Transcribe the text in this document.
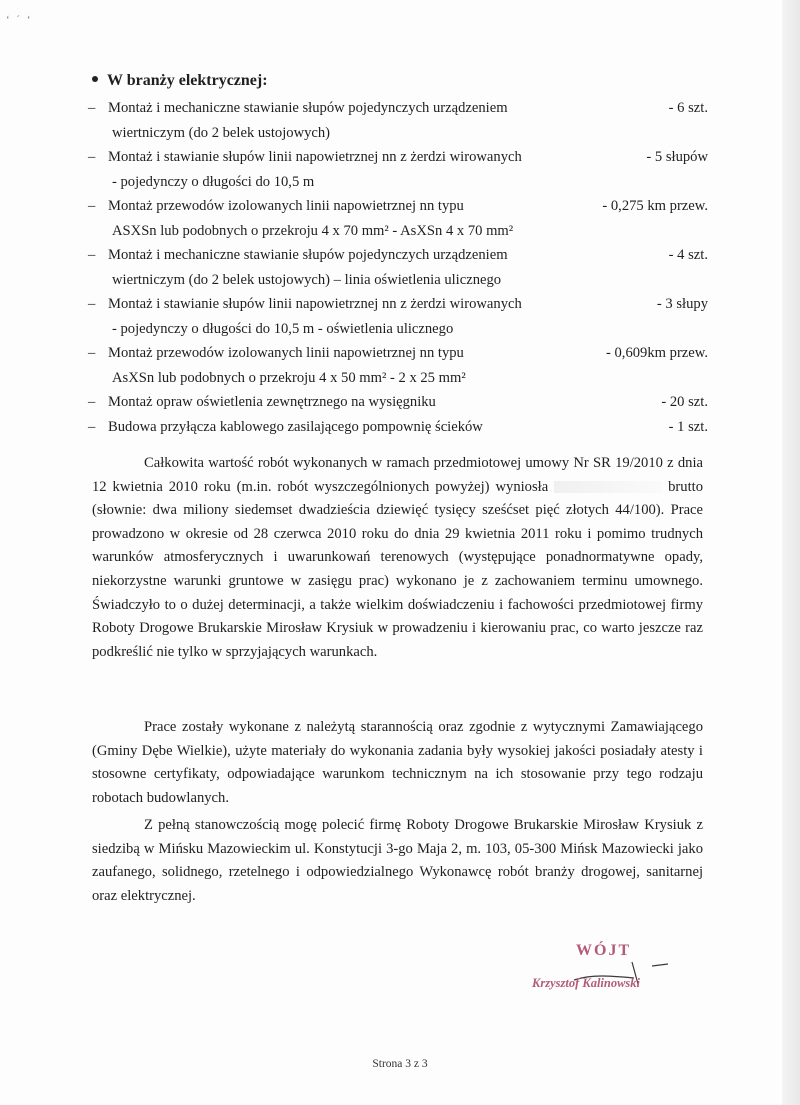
ʻ ´ ʻ
W branży elektrycznej:
– Montaż i mechaniczne stawianie słupów pojedynczych urządzeniem	- 6 szt.
wiertniczym (do 2 belek ustojowych)
– Montaż i stawianie słupów linii napowietrznej nn z żerdzi wirowanych	- 5 słupów
- pojedynczy o długości do 10,5 m
– Montaż przewodów izolowanych linii napowietrznej nn typu	- 0,275 km przew.
ASXSn lub podobnych o przekroju 4 x 70 mm² - AsXSn 4 x 70 mm²
– Montaż i mechaniczne stawianie słupów pojedynczych urządzeniem	- 4 szt.
wiertniczym (do 2 belek ustojowych) – linia oświetlenia ulicznego
– Montaż i stawianie słupów linii napowietrznej nn z żerdzi wirowanych	- 3 słupy
- pojedynczy o długości do 10,5 m - oświetlenia ulicznego
– Montaż przewodów izolowanych linii napowietrznej nn typu	- 0,609km przew.
AsXSn lub podobnych o przekroju 4 x 50 mm² - 2 x 25 mm²
– Montaż opraw oświetlenia zewnętrznego na wysięgniku	- 20 szt.
– Budowa przyłącza kablowego zasilającego pompownię ścieków	- 1 szt.

Całkowita wartość robót wykonanych w ramach przedmiotowej umowy Nr SR 19/2010 z dnia 12 kwietnia 2010 roku (m.in. robót wyszczególnionych powyżej) wyniosła	brutto (słownie: dwa miliony siedemset dwadzieścia dziewięć tysięcy sześćset pięć złotych 44/100). Prace prowadzono w okresie od 28 czerwca 2010 roku do dnia 29 kwietnia 2011 roku i pomimo trudnych warunków atmosferycznych i uwarunkowań terenowych (występujące ponadnormatywne opady, niekorzystne warunki gruntowe w zasięgu prac) wykonano je z zachowaniem terminu umownego. Świadczyło to o dużej determinacji, a także wielkim doświadczeniu i fachowości przedmiotowej firmy Roboty Drogowe Brukarskie Mirosław Krysiuk w prowadzeniu i kierowaniu prac, co warto jeszcze raz podkreślić nie tylko w sprzyjających warunkach.

Prace zostały wykonane z należytą starannością oraz zgodnie z wytycznymi Zamawiającego (Gminy Dębe Wielkie), użyte materiały do wykonania zadania były wysokiej jakości posiadały atesty i stosowne certyfikaty, odpowiadające warunkom technicznym na ich stosowanie przy tego rodzaju robotach budowlanych.

Z pełną stanowczością mogę polecić firmę Roboty Drogowe Brukarskie Mirosław Krysiuk z siedzibą w Mińsku Mazowieckim ul. Konstytucji 3-go Maja 2, m. 103, 05-300 Mińsk Mazowiecki jako zaufanego, solidnego, rzetelnego i odpowiedzialnego Wykonawcę robót branży drogowej, sanitarnej oraz elektrycznej.

WÓJT
Krzysztof Kalinowski
Strona 3 z 3
